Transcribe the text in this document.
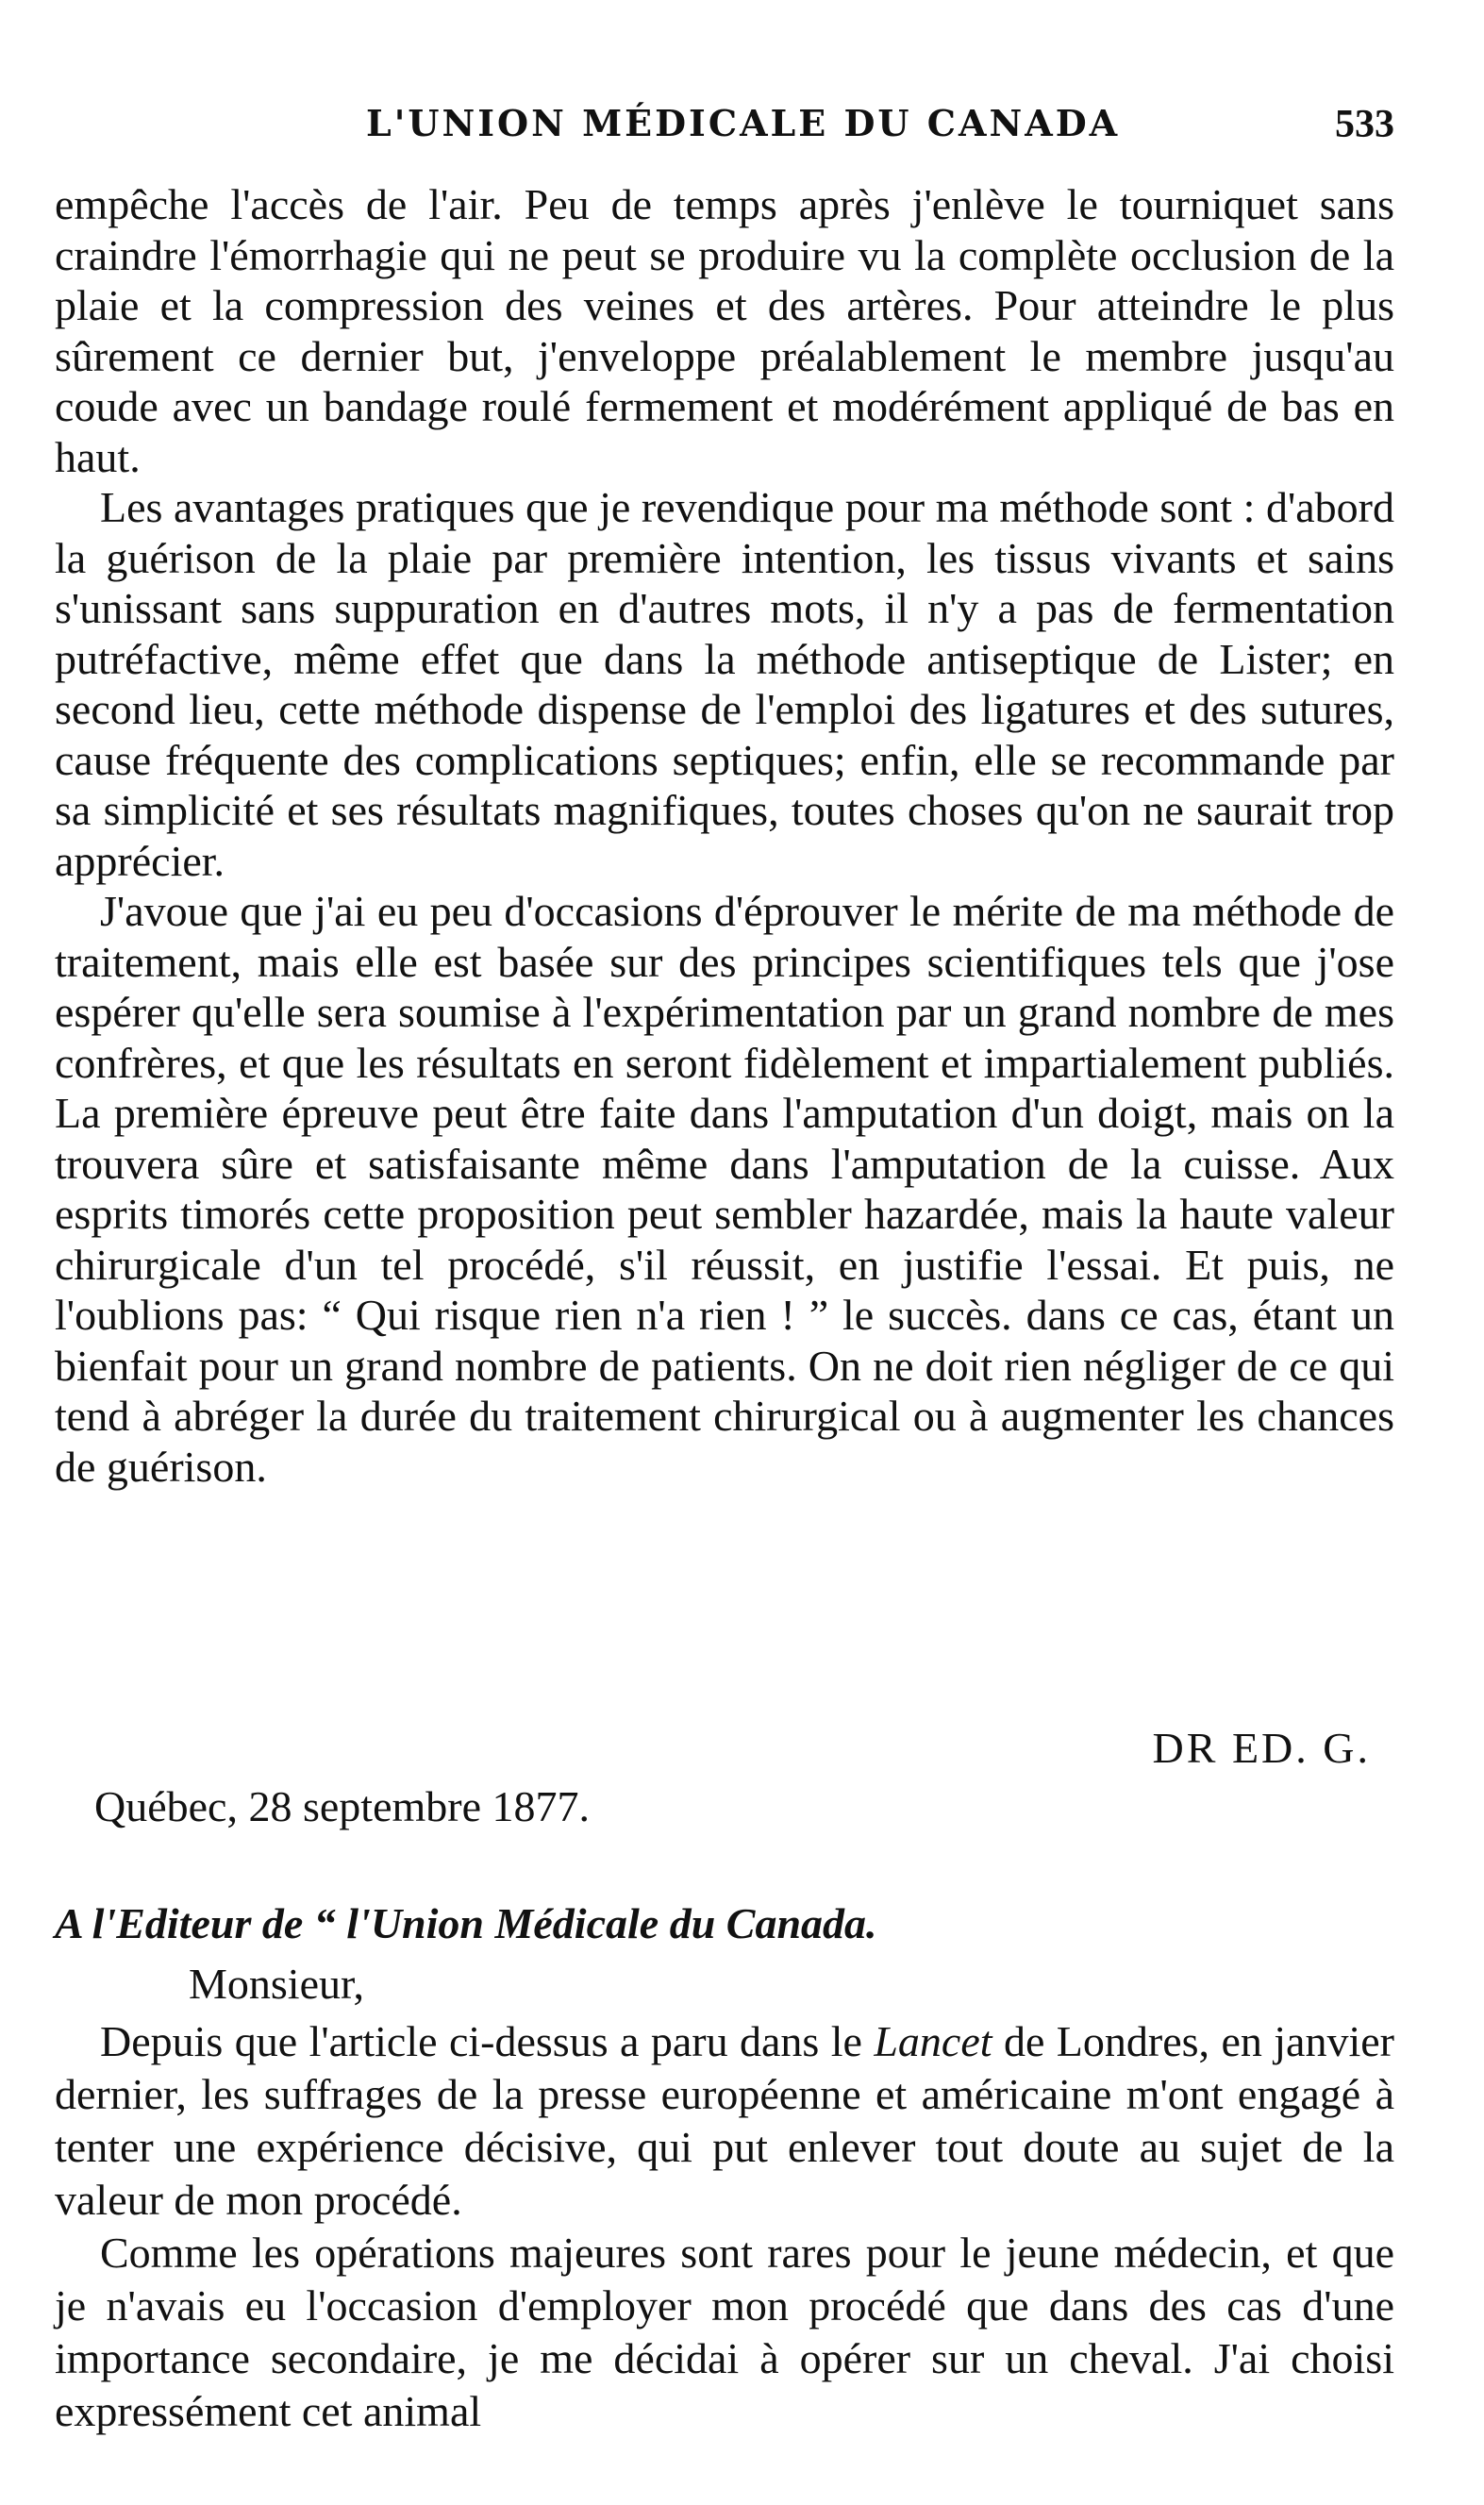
L'UNION MÉDICALE DU CANADA	533

empêche l'accès de l'air. Peu de temps après j'enlève le tourniquet sans craindre l'émorrhagie qui ne peut se produire vu la complète occlusion de la plaie et la compression des veines et des artères. Pour atteindre le plus sûrement ce dernier but, j'enveloppe préalablement le membre jusqu'au coude avec un bandage roulé fermement et modérément appliqué de bas en haut.

Les avantages pratiques que je revendique pour ma méthode sont : d'abord la guérison de la plaie par première intention, les tissus vivants et sains s'unissant sans suppuration en d'autres mots, il n'y a pas de fermentation putréfactive, même effet que dans la méthode antiseptique de Lister; en second lieu, cette méthode dispense de l'emploi des ligatures et des sutures, cause fréquente des complications septiques; enfin, elle se recommande par sa simplicité et ses résultats magnifiques, toutes choses qu'on ne saurait trop apprécier.

J'avoue que j'ai eu peu d'occasions d'éprouver le mérite de ma méthode de traitement, mais elle est basée sur des principes scientifiques tels que j'ose espérer qu'elle sera soumise à l'expérimentation par un grand nombre de mes confrères, et que les résultats en seront fidèlement et impartialement publiés. La première épreuve peut être faite dans l'amputation d'un doigt, mais on la trouvera sûre et satisfaisante même dans l'amputation de la cuisse. Aux esprits timorés cette proposition peut sembler hazardée, mais la haute valeur chirurgicale d'un tel procédé, s'il réussit, en justifie l'essai. Et puis, ne l'oublions pas: “ Qui risque rien n'a rien ! ” le succès. dans ce cas, étant un bienfait pour un grand nombre de patients. On ne doit rien négliger de ce qui tend à abréger la durée du traitement chirurgical ou à augmenter les chances de guérison.

DR ED. G.
Québec, 28 septembre 1877.
A l'Editeur de “ l'Union Médicale du Canada.
Monsieur,

Depuis que l'article ci-dessus a paru dans le Lancet de Londres, en janvier dernier, les suffrages de la presse européenne et américaine m'ont engagé à tenter une expérience décisive, qui put enlever tout doute au sujet de la valeur de mon procédé.

Comme les opérations majeures sont rares pour le jeune médecin, et que je n'avais eu l'occasion d'employer mon procédé que dans des cas d'une importance secondaire, je me décidai à opérer sur un cheval. J'ai choisi expressément cet animal
